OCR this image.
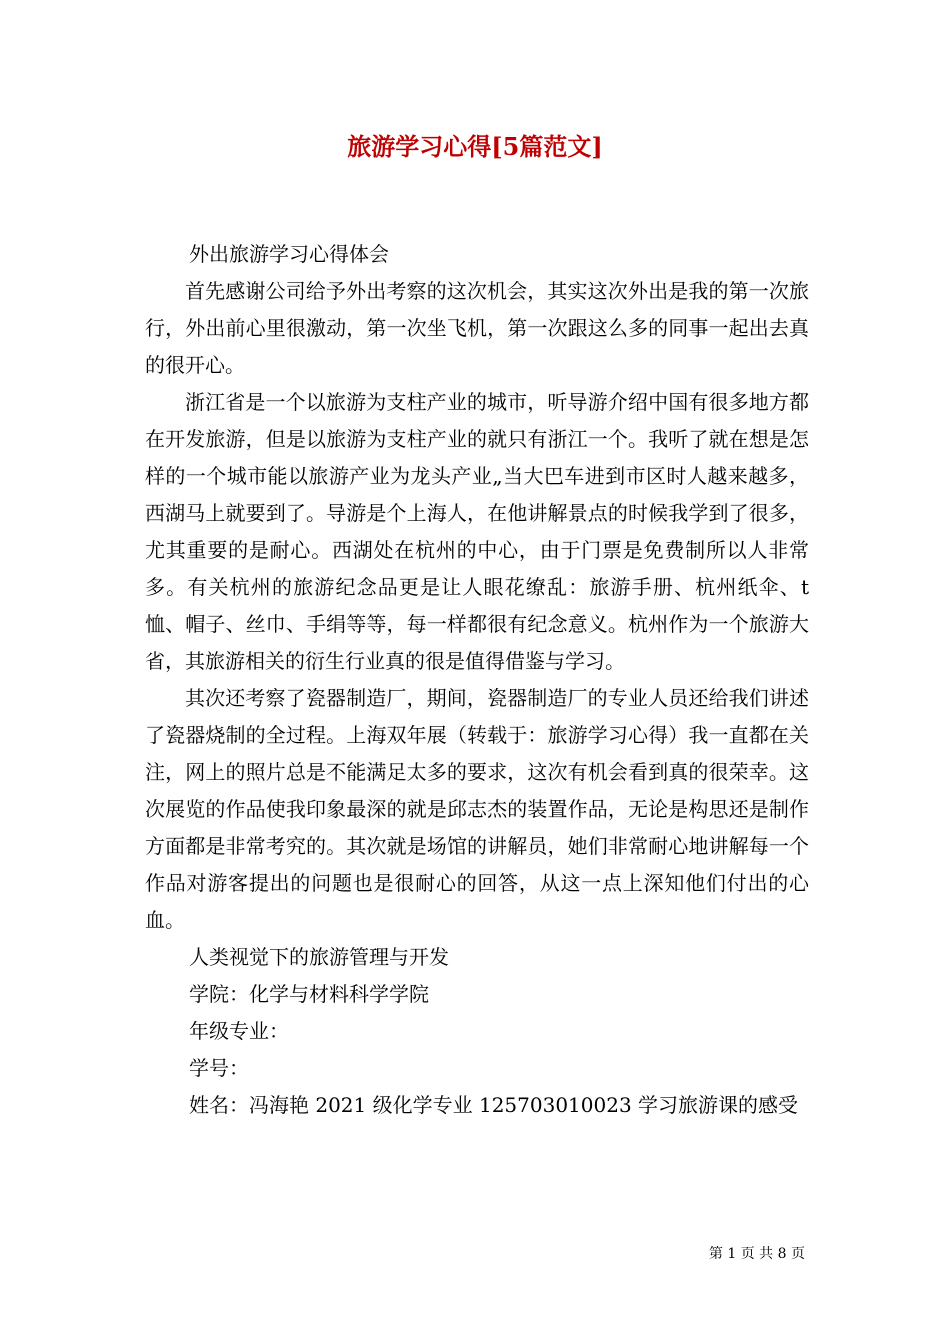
旅游学习心得[5篇范文]

外出旅游学习心得体会

首先感谢公司给予外出考察的这次机会，其实这次外出是我的第一次旅行，外出前心里很激动，第一次坐飞机，第一次跟这么多的同事一起出去真的很开心。

浙江省是一个以旅游为支柱产业的城市，听导游介绍中国有很多地方都在开发旅游，但是以旅游为支柱产业的就只有浙江一个。我听了就在想是怎样的一个城市能以旅游产业为龙头产业„当大巴车进到市区时人越来越多，西湖马上就要到了。导游是个上海人，在他讲解景点的时候我学到了很多，尤其重要的是耐心。西湖处在杭州的中心，由于门票是免费制所以人非常多。有关杭州的旅游纪念品更是让人眼花缭乱：旅游手册、杭州纸伞、t恤、帽子、丝巾、手绢等等，每一样都很有纪念意义。杭州作为一个旅游大省，其旅游相关的衍生行业真的很是值得借鉴与学习。

其次还考察了瓷器制造厂，期间，瓷器制造厂的专业人员还给我们讲述了瓷器烧制的全过程。上海双年展（转载于：旅游学习心得）我一直都在关注，网上的照片总是不能满足太多的要求，这次有机会看到真的很荣幸。这次展览的作品使我印象最深的就是邱志杰的装置作品，无论是构思还是制作方面都是非常考究的。其次就是场馆的讲解员，她们非常耐心地讲解每一个作品对游客提出的问题也是很耐心的回答，从这一点上深知他们付出的心血。

人类视觉下的旅游管理与开发

学院：化学与材料科学学院

年级专业：

学号：

姓名：冯海艳 2021 级化学专业 125703010023 学习旅游课的感受

第 1 页 共 8 页
